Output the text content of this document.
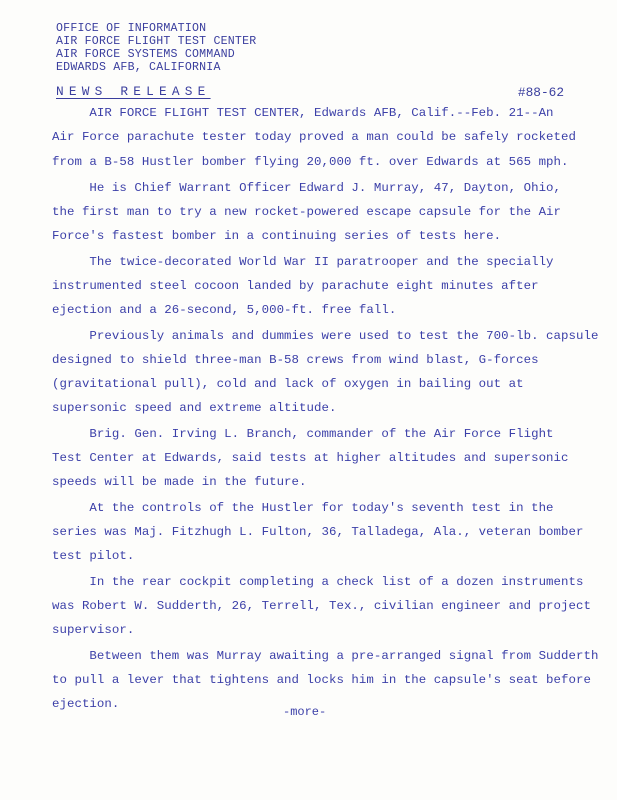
OFFICE OF INFORMATION
AIR FORCE FLIGHT TEST CENTER
AIR FORCE SYSTEMS COMMAND
EDWARDS AFB, CALIFORNIA
NEWS RELEASE	#88-62
AIR FORCE FLIGHT TEST CENTER, Edwards AFB, Calif.--Feb. 21--An
Air Force parachute tester today proved a man could be safely rocketed
from a B-58 Hustler bomber flying 20,000 ft. over Edwards at 565 mph.
He is Chief Warrant Officer Edward J. Murray, 47, Dayton, Ohio,
the first man to try a new rocket-powered escape capsule for the Air
Force's fastest bomber in a continuing series of tests here.
The twice-decorated World War II paratrooper and the specially
instrumented steel cocoon landed by parachute eight minutes after
ejection and a 26-second, 5,000-ft. free fall.
Previously animals and dummies were used to test the 700-lb. capsule
designed to shield three-man B-58 crews from wind blast, G-forces
(gravitational pull), cold and lack of oxygen in bailing out at
supersonic speed and extreme altitude.
Brig. Gen. Irving L. Branch, commander of the Air Force Flight
Test Center at Edwards, said tests at higher altitudes and supersonic
speeds will be made in the future.
At the controls of the Hustler for today's seventh test in the
series was Maj. Fitzhugh L. Fulton, 36, Talladega, Ala., veteran bomber
test pilot.
In the rear cockpit completing a check list of a dozen instruments
was Robert W. Sudderth, 26, Terrell, Tex., civilian engineer and project
supervisor.
Between them was Murray awaiting a pre-arranged signal from Sudderth
to pull a lever that tightens and locks him in the capsule's seat before
ejection.
-more-
